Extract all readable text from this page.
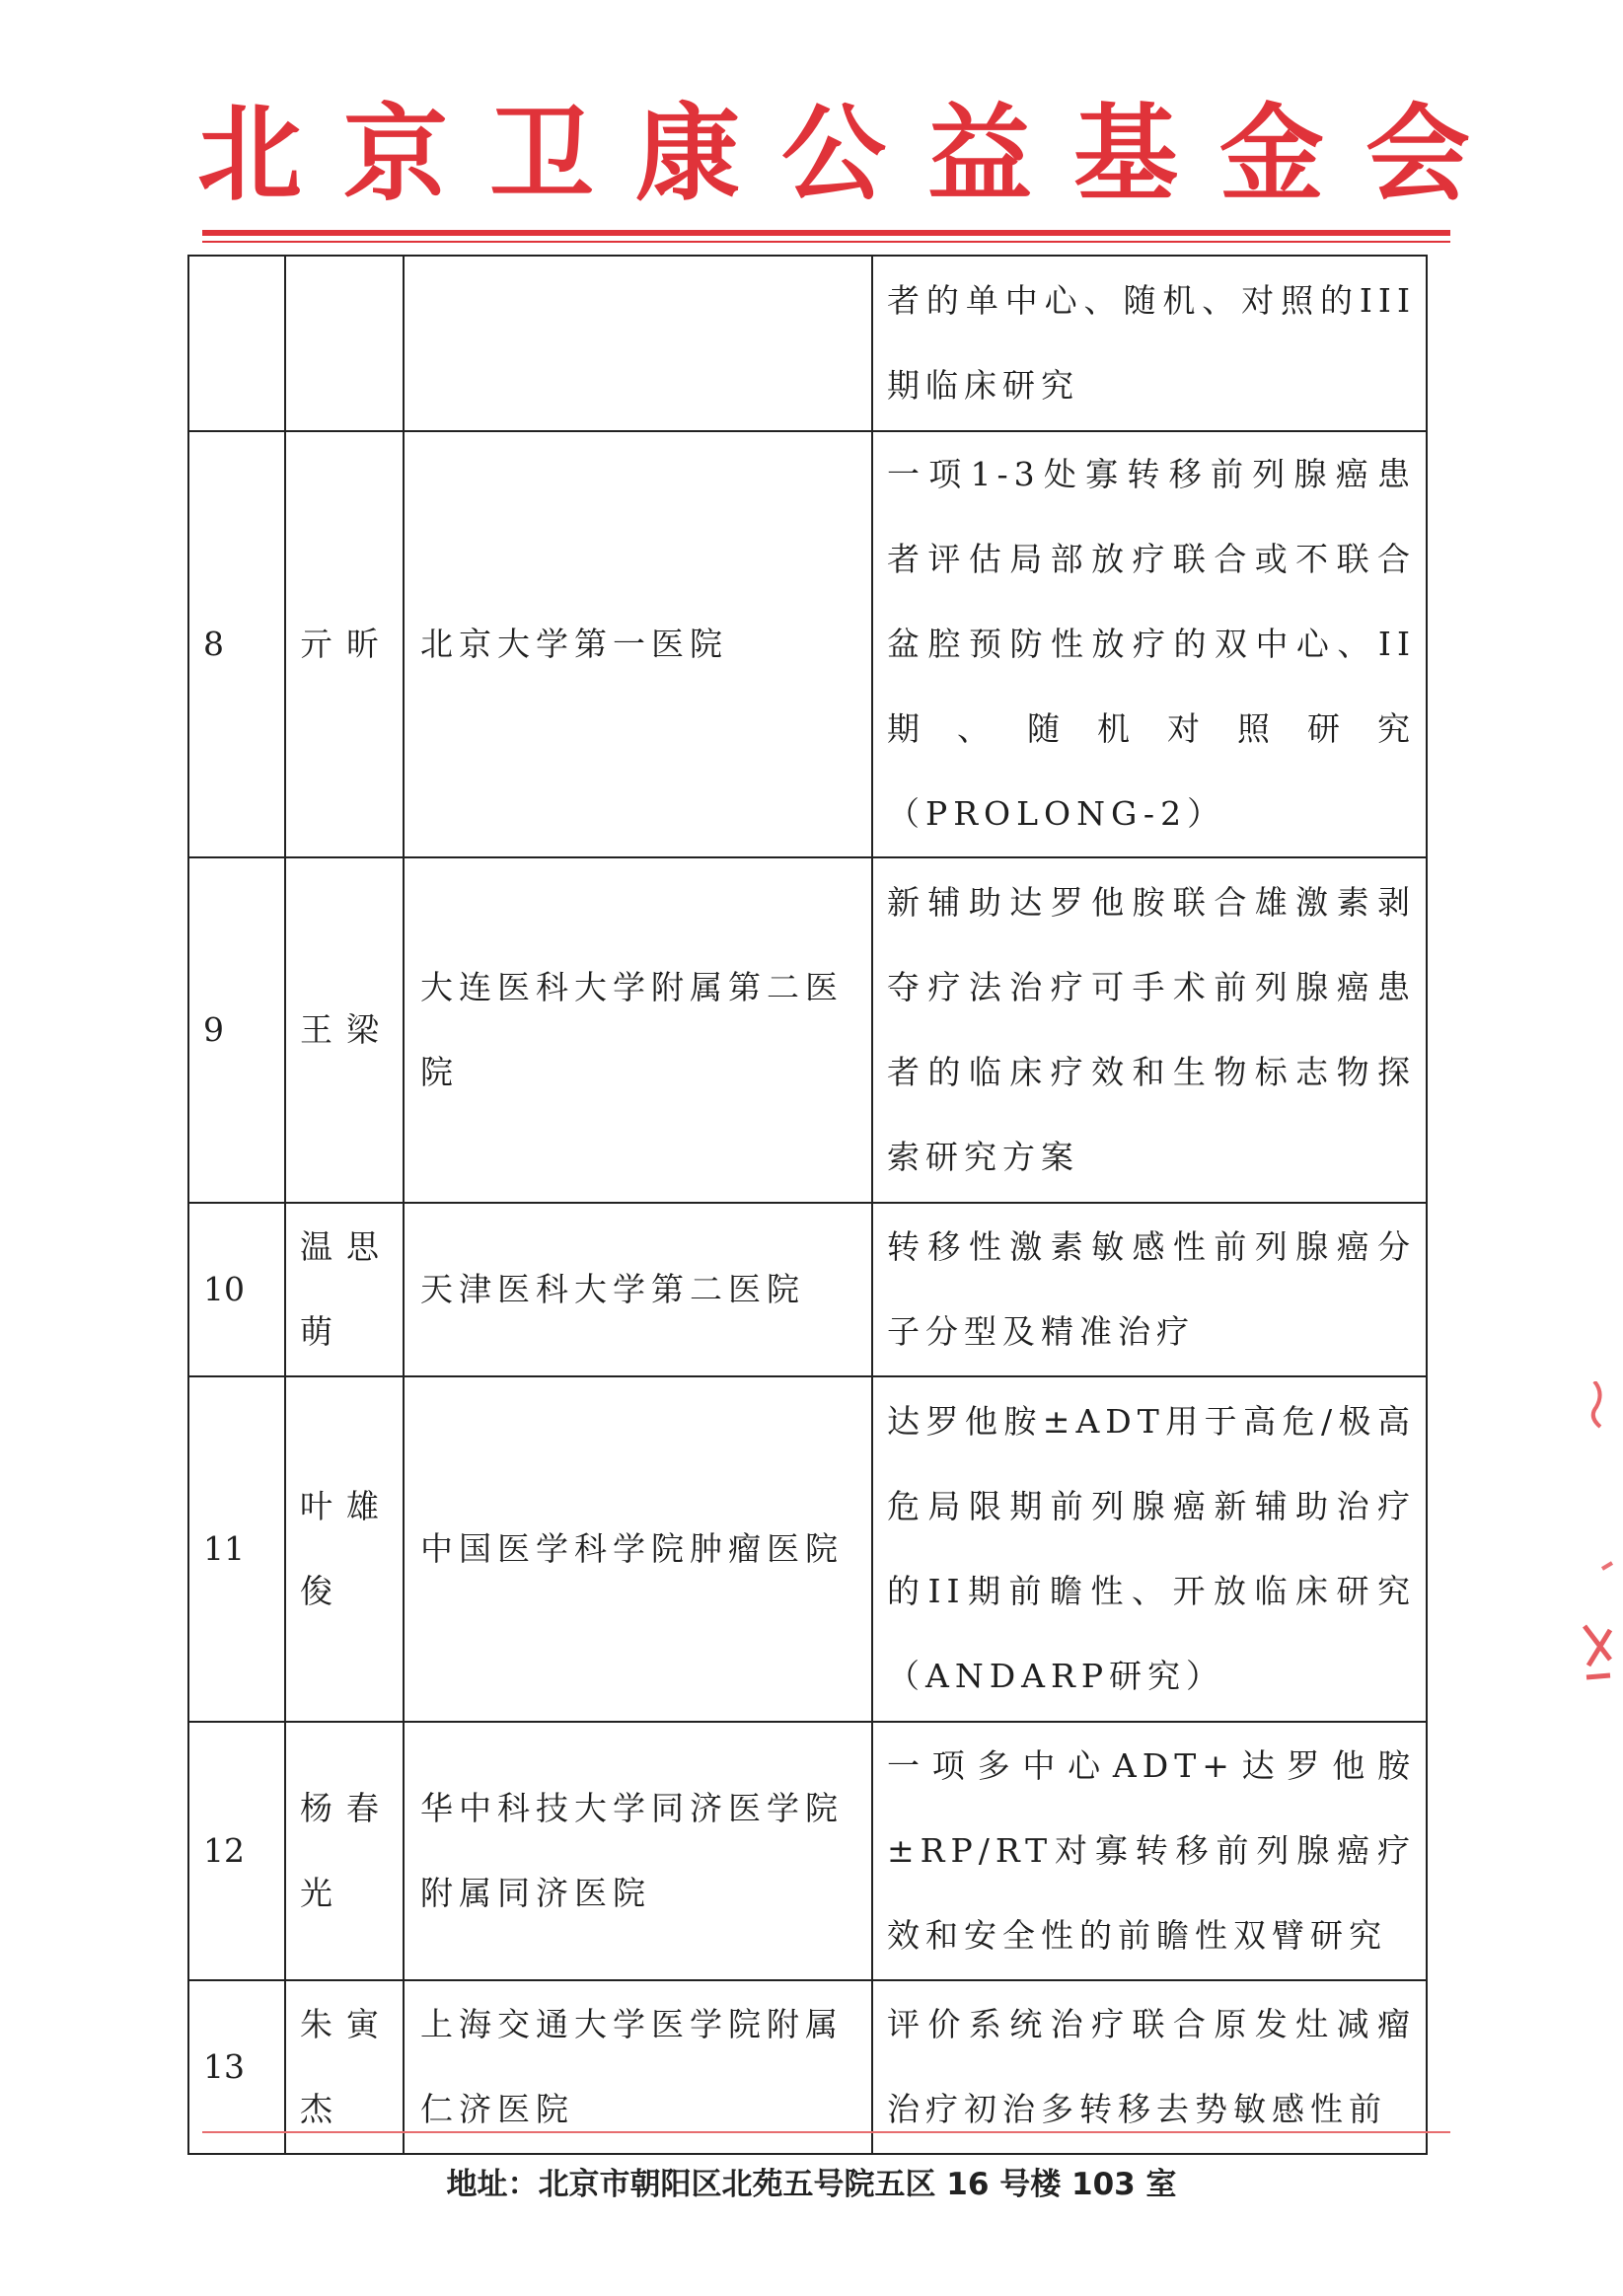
北 京 卫 康 公 益 基 金 会

			者的单中心、随机、对照的III期临床研究

8	亓昕	北京大学第一医院	一项1-3处寡转移前列腺癌患者评估局部放疗联合或不联合盆腔预防性放疗的双中心、II期、随机对照研究（PROLONG-2）

9	王梁	大连医科大学附属第二医院	新辅助达罗他胺联合雄激素剥夺疗法治疗可手术前列腺癌患者的临床疗效和生物标志物探索研究方案

10	温思萌	天津医科大学第二医院	转移性激素敏感性前列腺癌分子分型及精准治疗

11	叶雄俊	中国医学科学院肿瘤医院	达罗他胺±ADT用于高危/极高危局限期前列腺癌新辅助治疗的II期前瞻性、开放临床研究（ANDARP研究）

12	杨春光	华中科技大学同济医学院附属同济医院	一项多中心ADT+达罗他胺±RP/RT对寡转移前列腺癌疗效和安全性的前瞻性双臂研究

13	朱寅杰	上海交通大学医学院附属仁济医院	评价系统治疗联合原发灶减瘤治疗初治多转移去势敏感性前
地址：北京市朝阳区北苑五号院五区 16 号楼 103 室
